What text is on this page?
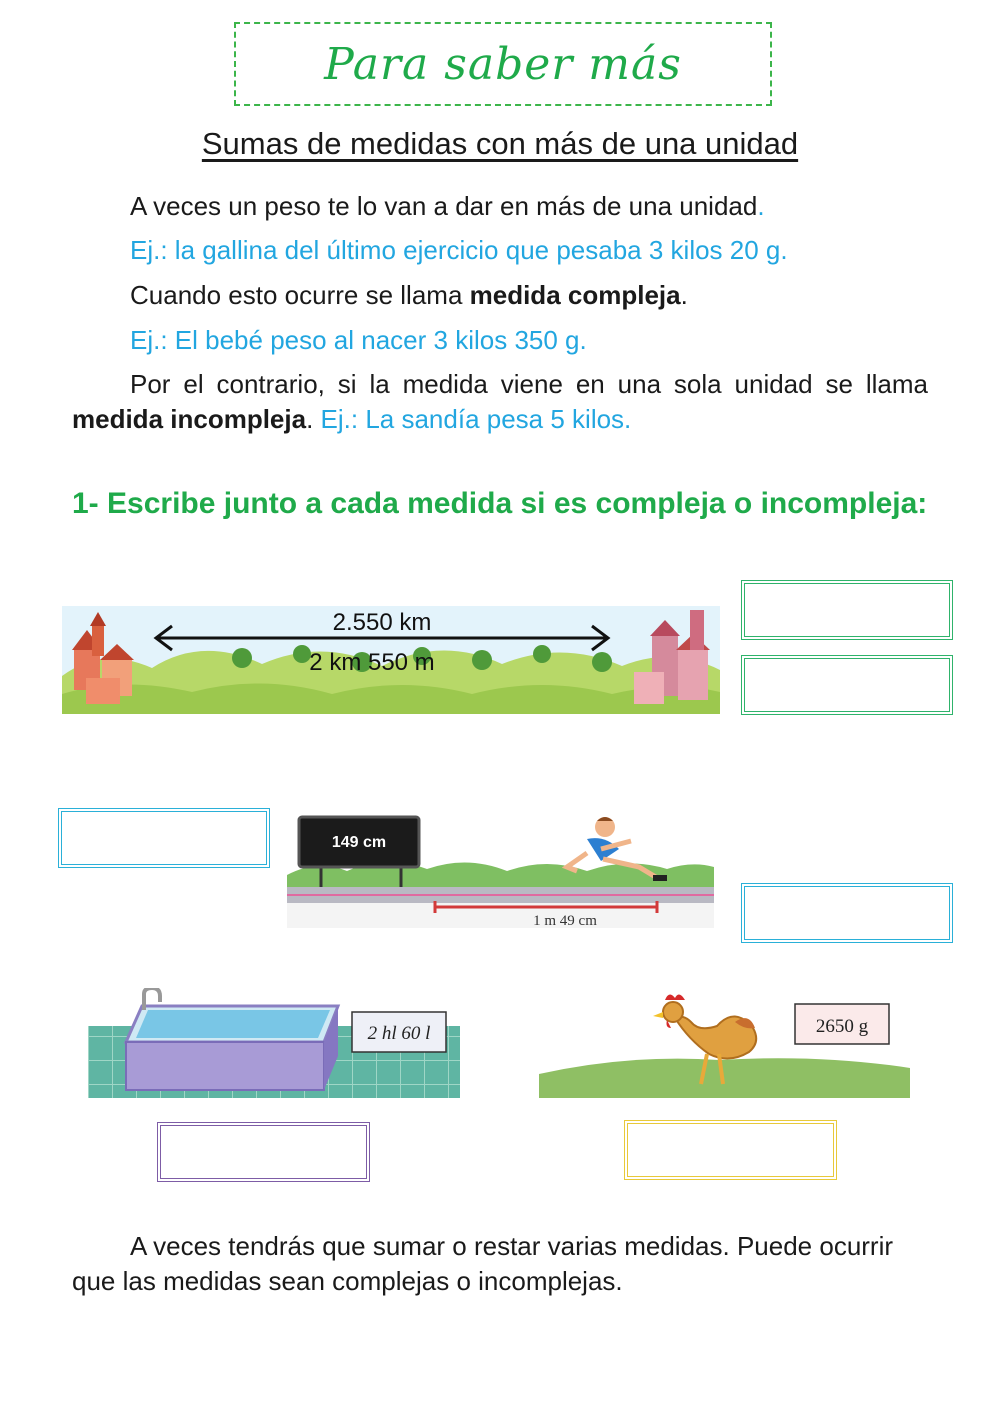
Para saber más
Sumas de medidas con más de una unidad
A veces un peso te lo van a dar en más de una unidad.
Ej.: la gallina del último ejercicio que pesaba 3 kilos 20 g.
Cuando esto ocurre se llama medida compleja.
Ej.: El bebé peso al nacer 3 kilos 350 g.
Por el contrario, si la medida viene en una sola unidad se llama medida incompleja. Ej.: La sandía pesa 5 kilos.
1- Escribe junto a cada medida si es compleja o incompleja:
2.550 km
2 km 550 m
149 cm
1 m 49 cm
2 hl 60 l	2650 g
A veces tendrás que sumar o restar varias medidas. Puede ocurrir que las medidas sean complejas o incomplejas.
